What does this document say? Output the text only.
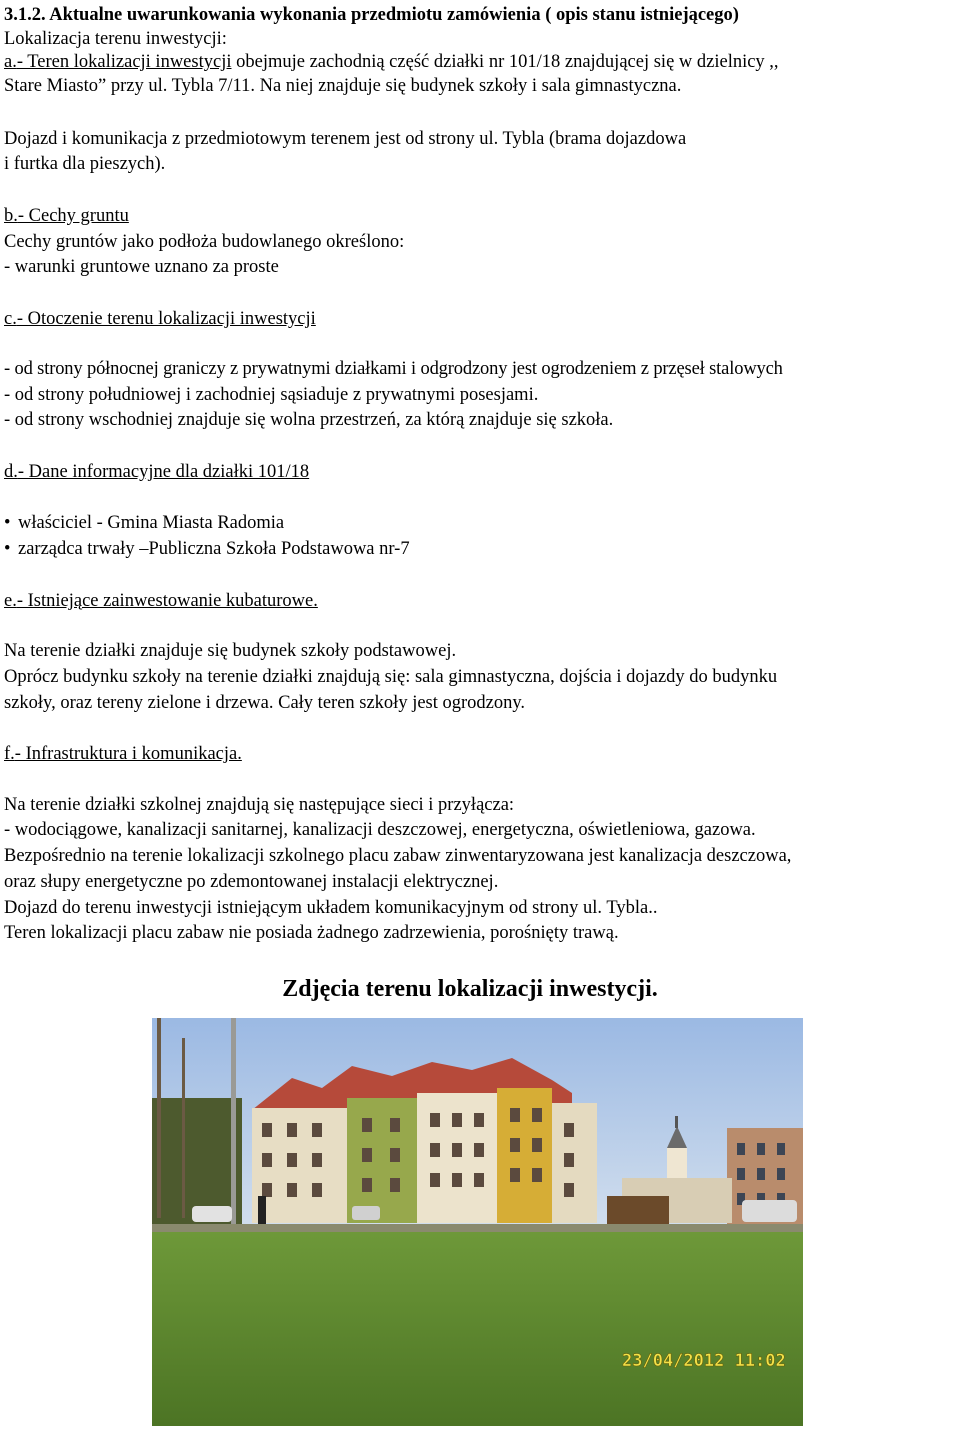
3.1.2. Aktualne uwarunkowania wykonania przedmiotu zamówienia ( opis stanu istniejącego)
Lokalizacja terenu inwestycji:
a.- Teren lokalizacji inwestycji obejmuje zachodnią część działki nr 101/18 znajdującej się w dzielnicy ,,
Stare Miasto” przy ul. Tybla 7/11. Na niej znajduje się budynek szkoły i sala gimnastyczna.
Dojazd i komunikacja z przedmiotowym terenem jest od strony ul. Tybla (brama dojazdowa
i furtka dla pieszych).
b.- Cechy gruntu
Cechy gruntów jako podłoża budowlanego określono:
- warunki gruntowe uznano za proste
c.- Otoczenie terenu lokalizacji inwestycji
- od strony północnej graniczy z prywatnymi działkami i odgrodzony jest ogrodzeniem z przęseł stalowych
- od strony południowej i zachodniej sąsiaduje z prywatnymi posesjami.
- od strony wschodniej znajduje się wolna przestrzeń, za którą znajduje się szkoła.
d.- Dane informacyjne dla działki 101/18
• właściciel - Gmina Miasta Radomia
• zarządca trwały –Publiczna Szkoła Podstawowa nr-7
e.- Istniejące zainwestowanie kubaturowe.
Na terenie działki znajduje się budynek szkoły podstawowej.
Oprócz budynku szkoły na terenie działki znajdują się: sala gimnastyczna, dojścia i dojazdy do budynku
szkoły, oraz tereny zielone i drzewa. Cały teren szkoły jest ogrodzony.
f.- Infrastruktura i komunikacja.
Na terenie działki szkolnej znajdują się następujące sieci i przyłącza:
- wodociągowe, kanalizacji sanitarnej, kanalizacji deszczowej, energetyczna, oświetleniowa, gazowa.
Bezpośrednio na terenie lokalizacji szkolnego placu zabaw zinwentaryzowana jest kanalizacja deszczowa,
oraz słupy energetyczne po zdemontowanej instalacji elektrycznej.
Dojazd do terenu inwestycji istniejącym układem komunikacyjnym od strony ul. Tybla..
Teren lokalizacji placu zabaw nie posiada żadnego zadrzewienia, porośnięty trawą.
Zdjęcia terenu lokalizacji inwestycji.
23/04/2012 11:02
